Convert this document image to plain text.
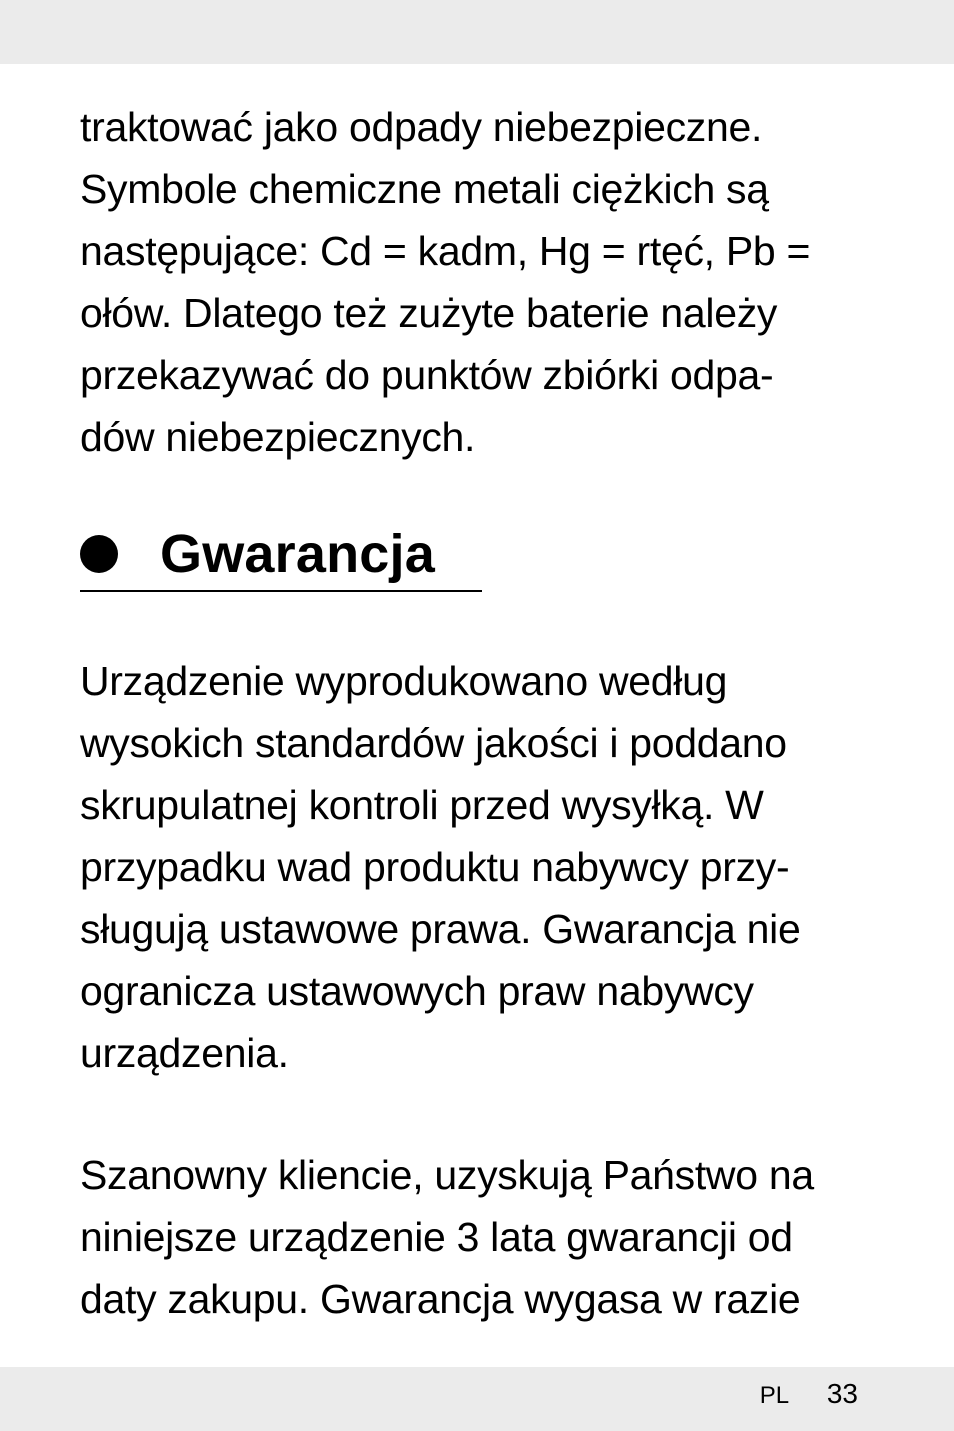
traktować jako odpady niebezpieczne.
Symbole chemiczne metali ciężkich są
następujące: Cd = kadm, Hg = rtęć, Pb =
ołów. Dlatego też zużyte baterie należy
przekazywać do punktów zbiórki odpa-
dów niebezpiecznych.
Gwarancja
Urządzenie wyprodukowano według
wysokich standardów jakości i poddano
skrupulatnej kontroli przed wysyłką. W
przypadku wad produktu nabywcy przy-
sługują ustawowe prawa. Gwarancja nie
ogranicza ustawowych praw nabywcy
urządzenia.
Szanowny kliencie, uzyskują Państwo na
niniejsze urządzenie 3 lata gwarancji od
daty zakupu. Gwarancja wygasa w razie
PL 33
